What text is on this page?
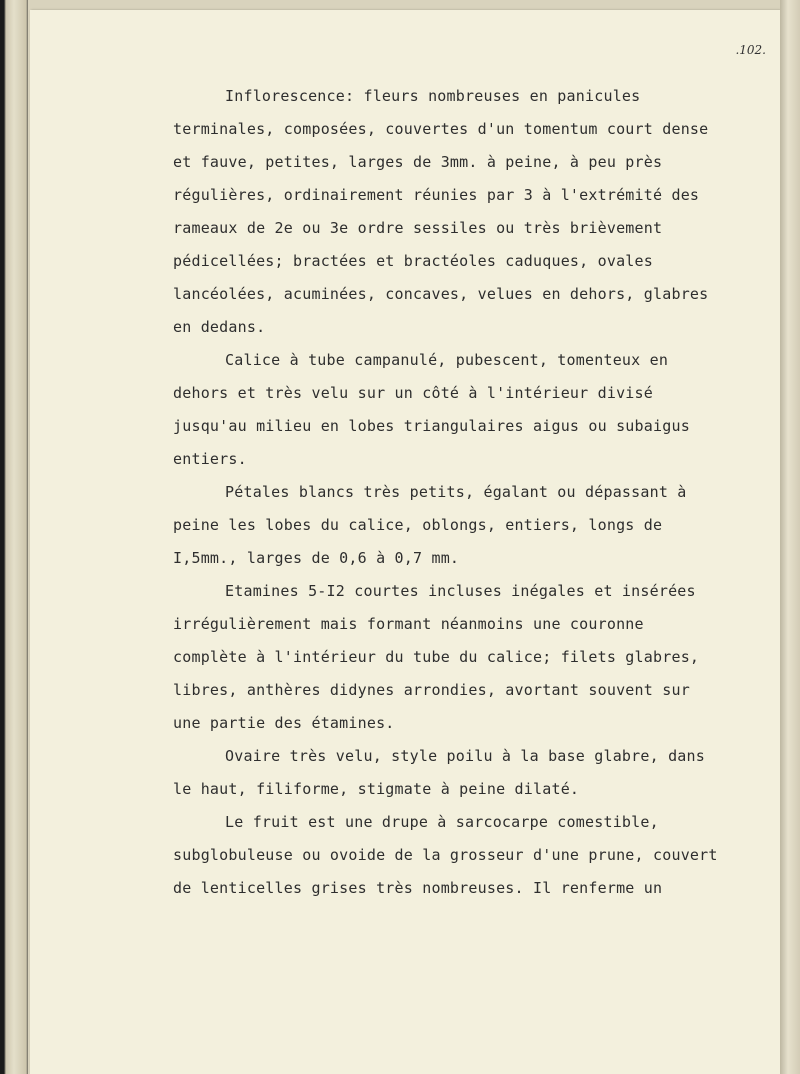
.102.

Inflorescence: fleurs nombreuses en panicules terminales, composées, couvertes d'un tomentum court dense et fauve, petites, larges de 3mm. à peine, à peu près régulières, ordinairement réunies par 3 à l'extrémité des rameaux de 2e ou 3e ordre sessiles ou très brièvement pédicellées; bractées et bractéoles caduques, ovales lancéolées, acuminées, concaves, velues en dehors, glabres en dedans.

Calice à tube campanulé, pubescent, tomenteux en dehors et très velu sur un côté à l'intérieur divisé jusqu'au milieu en lobes triangulaires aigus ou subaigus entiers.

Pétales blancs très petits, égalant ou dépassant à peine les lobes du calice, oblongs, entiers, longs de I,5mm., larges de 0,6 à 0,7 mm.

Etamines 5-I2 courtes incluses inégales et insérées irrégulièrement mais formant néanmoins une couronne complète à l'intérieur du tube du calice; filets glabres, libres, anthères didynes arrondies, avortant souvent sur une partie des étamines.

Ovaire très velu, style poilu à la base glabre, dans le haut, filiforme, stigmate à peine dilaté.

Le fruit est une drupe à sarcocarpe comestible, subglobuleuse ou ovoide de la grosseur d'une prune, couvert de lenticelles grises très nombreuses. Il renferme un
